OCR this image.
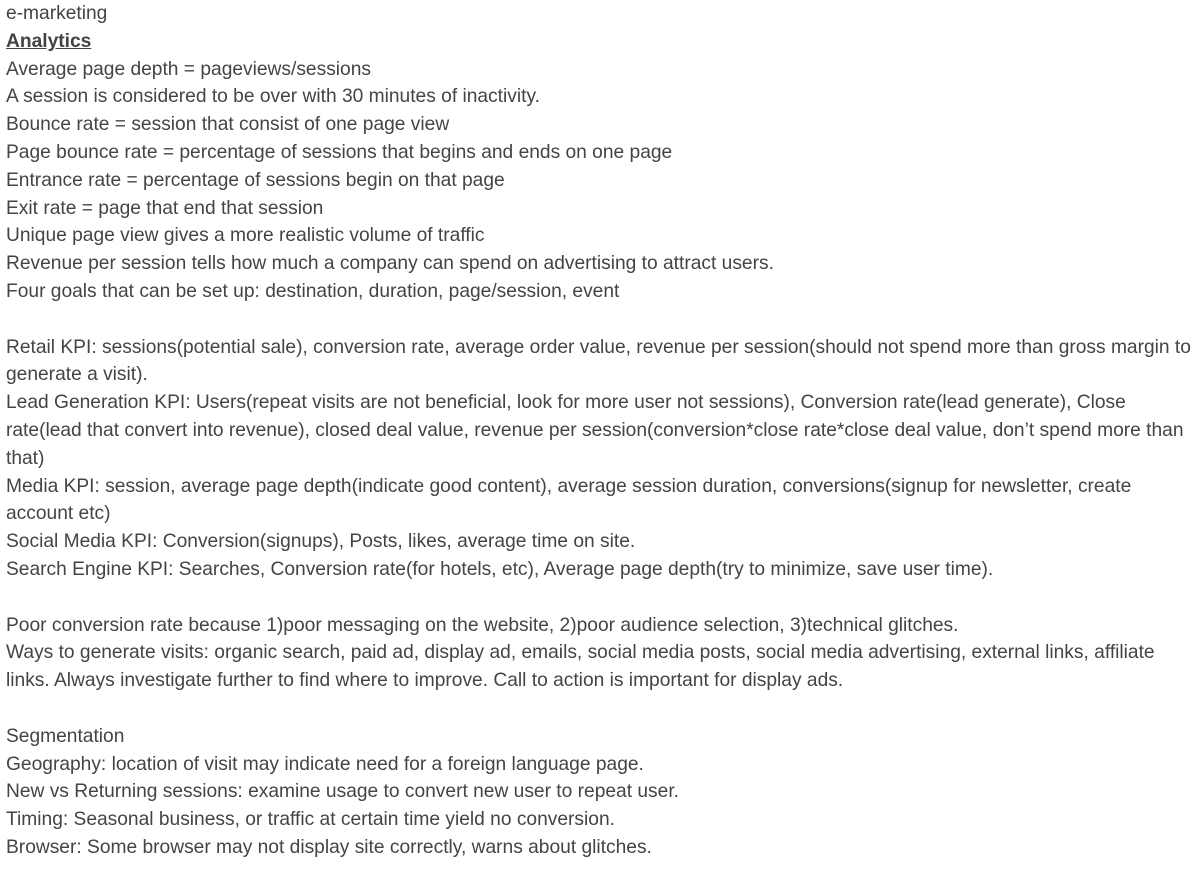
e-marketing

Analytics

Average page depth = pageviews/sessions

A session is considered to be over with 30 minutes of inactivity.

Bounce rate = session that consist of one page view

Page bounce rate = percentage of sessions that begins and ends on one page

Entrance rate = percentage of sessions begin on that page

Exit rate = page that end that session

Unique page view gives a more realistic volume of traffic

Revenue per session tells how much a company can spend on advertising to attract users.

Four goals that can be set up: destination, duration, page/session, event

Retail KPI: sessions(potential sale), conversion rate, average order value, revenue per session(should not spend more than gross margin to generate a visit).

Lead Generation KPI: Users(repeat visits are not beneficial, look for more user not sessions), Conversion rate(lead generate), Close rate(lead that convert into revenue), closed deal value, revenue per session(conversion*close rate*close deal value, don’t spend more than that)

Media KPI: session, average page depth(indicate good content), average session duration, conversions(signup for newsletter, create account etc)

Social Media KPI: Conversion(signups), Posts, likes, average time on site.

Search Engine KPI: Searches, Conversion rate(for hotels, etc), Average page depth(try to minimize, save user time).

Poor conversion rate because 1)poor messaging on the website, 2)poor audience selection, 3)technical glitches.

Ways to generate visits: organic search, paid ad, display ad, emails, social media posts, social media advertising, external links, affiliate links. Always investigate further to find where to improve. Call to action is important for display ads.

Segmentation

Geography: location of visit may indicate need for a foreign language page.

New vs Returning sessions: examine usage to convert new user to repeat user.

Timing: Seasonal business, or traffic at certain time yield no conversion.

Browser: Some browser may not display site correctly, warns about glitches.
